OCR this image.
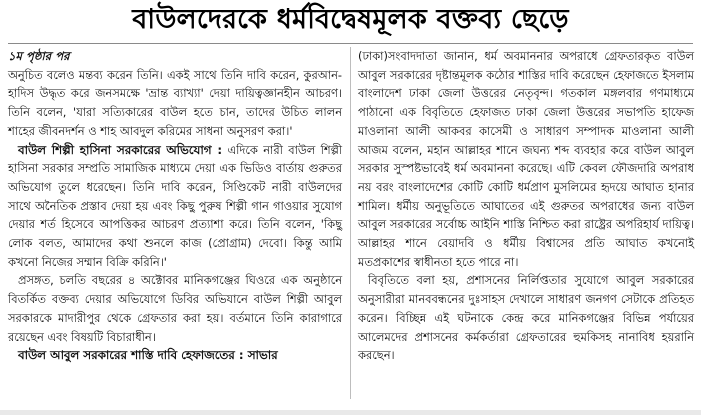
বাউলদেরকে ধর্মবিদ্বেষমূলক বক্তব্য ছেড়ে

১ম পৃষ্ঠার পর
অনুচিত বলেও মন্তব্য করেন তিনি। একই সাথে তিনি দাবি করেন, কুরআন-হাদিস উদ্ধৃত করে জনসমক্ষে 'ভ্রান্ত ব্যাখ্যা' দেয়া দায়িত্বজ্ঞানহীন আচরণ। তিনি বলেন, 'যারা সত্যিকারের বাউল হতে চান, তাদের উচিত লালন শাহের জীবনদর্শন ও শাহ আবদুল করিমের সাধনা অনুসরণ করা।'

বাউল শিল্পী হাসিনা সরকারের অভিযোগ : এদিকে নারী বাউল শিল্পী হাসিনা সরকার সম্প্রতি সামাজিক মাধ্যমে দেয়া এক ভিডিও বার্তায় গুরুতর অভিযোগ তুলে ধরেছেন। তিনি দাবি করেন, সিণ্ডিকেট নারী বাউলদের সাথে অনৈতিক প্রস্তাব দেয়া হয় এবং কিছু পুরুষ শিল্পী গান গাওয়ার সুযোগ দেয়ার শর্ত হিসেবে আপত্তিকর আচরণ প্রত্যাশা করে। তিনি বলেন, 'কিছু লোক বলত, আমাদের কথা শুনলে কাজ (প্রোগ্রাম) দেবো। কিন্তু আমি কখনো নিজের সম্মান বিক্রি করিনি।'

প্রসঙ্গত, চলতি বছরের ৪ অক্টোবর মানিকগঞ্জের ঘিওরে এক অনুষ্ঠানে বিতর্কিত বক্তব্য দেয়ার অভিযোগে ডিবির অভিযানে বাউল শিল্পী আবুল সরকারকে মাদারীপুর থেকে গ্রেফতার করা হয়। বর্তমানে তিনি কারাগারে রয়েছেন এবং বিষয়টি বিচারাধীন।

বাউল আবুল সরকারের শাস্তি দাবি হেফাজতের : সাভার

(ঢাকা)সংবাদদাতা জানান, ধর্ম অবমাননার অপরাধে গ্রেফতারকৃত বাউল আবুল সরকারের দৃষ্টান্তমূলক কঠোর শাস্তির দাবি করেছেন হেফাজতে ইসলাম বাংলাদেশ ঢাকা জেলা উত্তরের নেতৃবৃন্দ। গতকাল মঙ্গলবার গণমাধ্যমে পাঠানো এক বিবৃতিতে হেফাজত ঢাকা জেলা উত্তরের সভাপতি হাফেজ মাওলানা আলী আকবর কাসেমী ও সাধারণ সম্পাদক মাওলানা আলী আজম বলেন, মহান আল্লাহর শানে জঘন্য শব্দ ব্যবহার করে বাউল আবুল সরকার সুস্পষ্টভাবেই ধর্ম অবমাননা করেছে। এটি কেবল ফৌজদারি অপরাধ নয় বরং বাংলাদেশের কোটি কোটি ধর্মপ্রাণ মুসলিমের হৃদয়ে আঘাত হানার শামিল। ধর্মীয় অনুভূতিতে আঘাতের এই গুরুতর অপরাধের জন্য বাউল আবুল সরকারের সর্বোচ্চ আইনি শাস্তি নিশ্চিত করা রাষ্ট্রের অপরিহার্য দায়িত্ব। আল্লাহর শানে বেয়াদবি ও ধর্মীয় বিশ্বাসের প্রতি আঘাত কখনোই মতপ্রকাশের স্বাধীনতা হতে পারে না।

বিবৃতিতে বলা হয়, প্রশাসনের নির্লিপ্ততার সুযোগে আবুল সরকারের অনুসারীরা মানববন্ধনের দুঃসাহস দেখালে সাধারণ জনগণ সেটাকে প্রতিহত করেন। বিচ্ছিন্ন এই ঘটনাকে কেন্দ্র করে মানিকগঞ্জের বিভিন্ন পর্যায়ের আলেমদের প্রশাসনের কর্মকর্তারা গ্রেফতারের হুমকিসহ নানাবিধ হয়রানি করছেন।
